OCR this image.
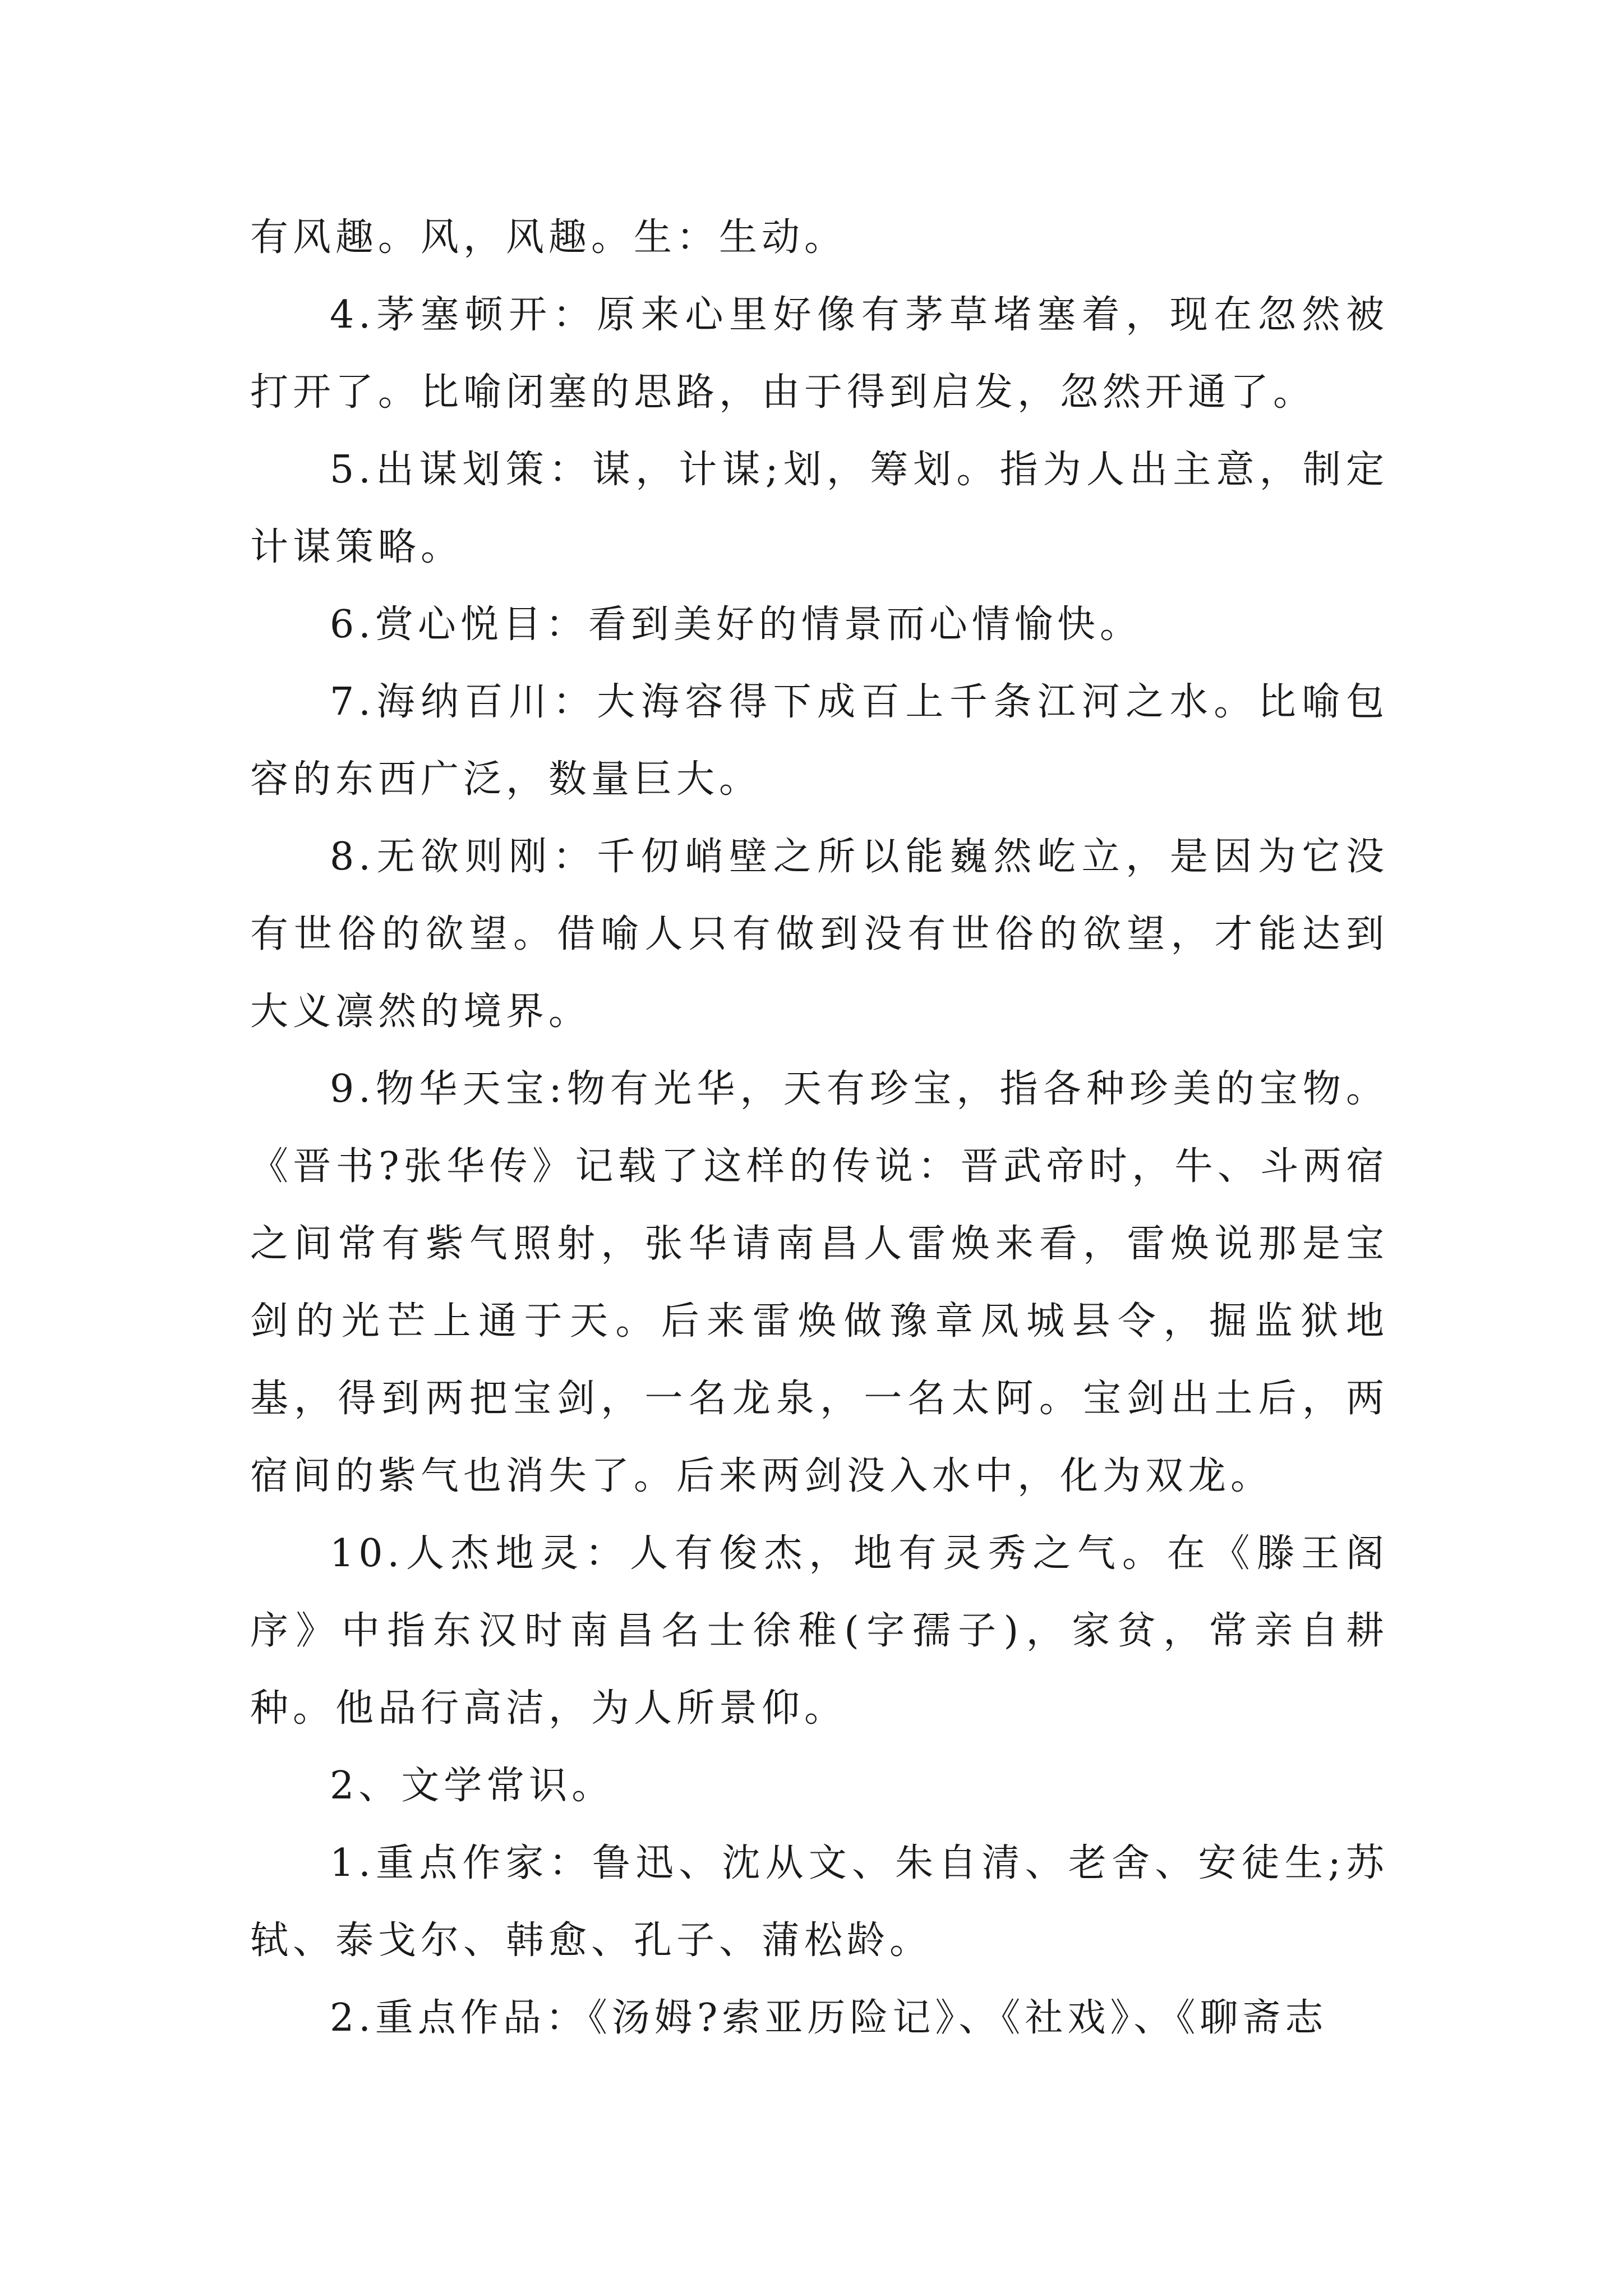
有风趣。风，风趣。生：生动。

4.茅塞顿开：原来心里好像有茅草堵塞着，现在忽然被打开了。比喻闭塞的思路，由于得到启发，忽然开通了。

5.出谋划策：谋，计谋;划，筹划。指为人出主意，制定计谋策略。

6.赏心悦目：看到美好的情景而心情愉快。

7.海纳百川：大海容得下成百上千条江河之水。比喻包容的东西广泛，数量巨大。

8.无欲则刚：千仞峭壁之所以能巍然屹立，是因为它没有世俗的欲望。借喻人只有做到没有世俗的欲望，才能达到大义凛然的境界。

9.物华天宝:物有光华，天有珍宝，指各种珍美的宝物。《晋书?张华传》记载了这样的传说：晋武帝时，牛、斗两宿之间常有紫气照射，张华请南昌人雷焕来看，雷焕说那是宝剑的光芒上通于天。后来雷焕做豫章凤城县令，掘监狱地基，得到两把宝剑，一名龙泉，一名太阿。宝剑出土后，两宿间的紫气也消失了。后来两剑没入水中，化为双龙。

10.人杰地灵：人有俊杰，地有灵秀之气。在《滕王阁序》中指东汉时南昌名士徐稚(字孺子)，家贫，常亲自耕种。他品行高洁，为人所景仰。

2、文学常识。

1.重点作家：鲁迅、沈从文、朱自清、老舍、安徒生;苏轼、泰戈尔、韩愈、孔子、蒲松龄。

2.重点作品：《汤姆?索亚历险记》、《社戏》、《聊斋志
